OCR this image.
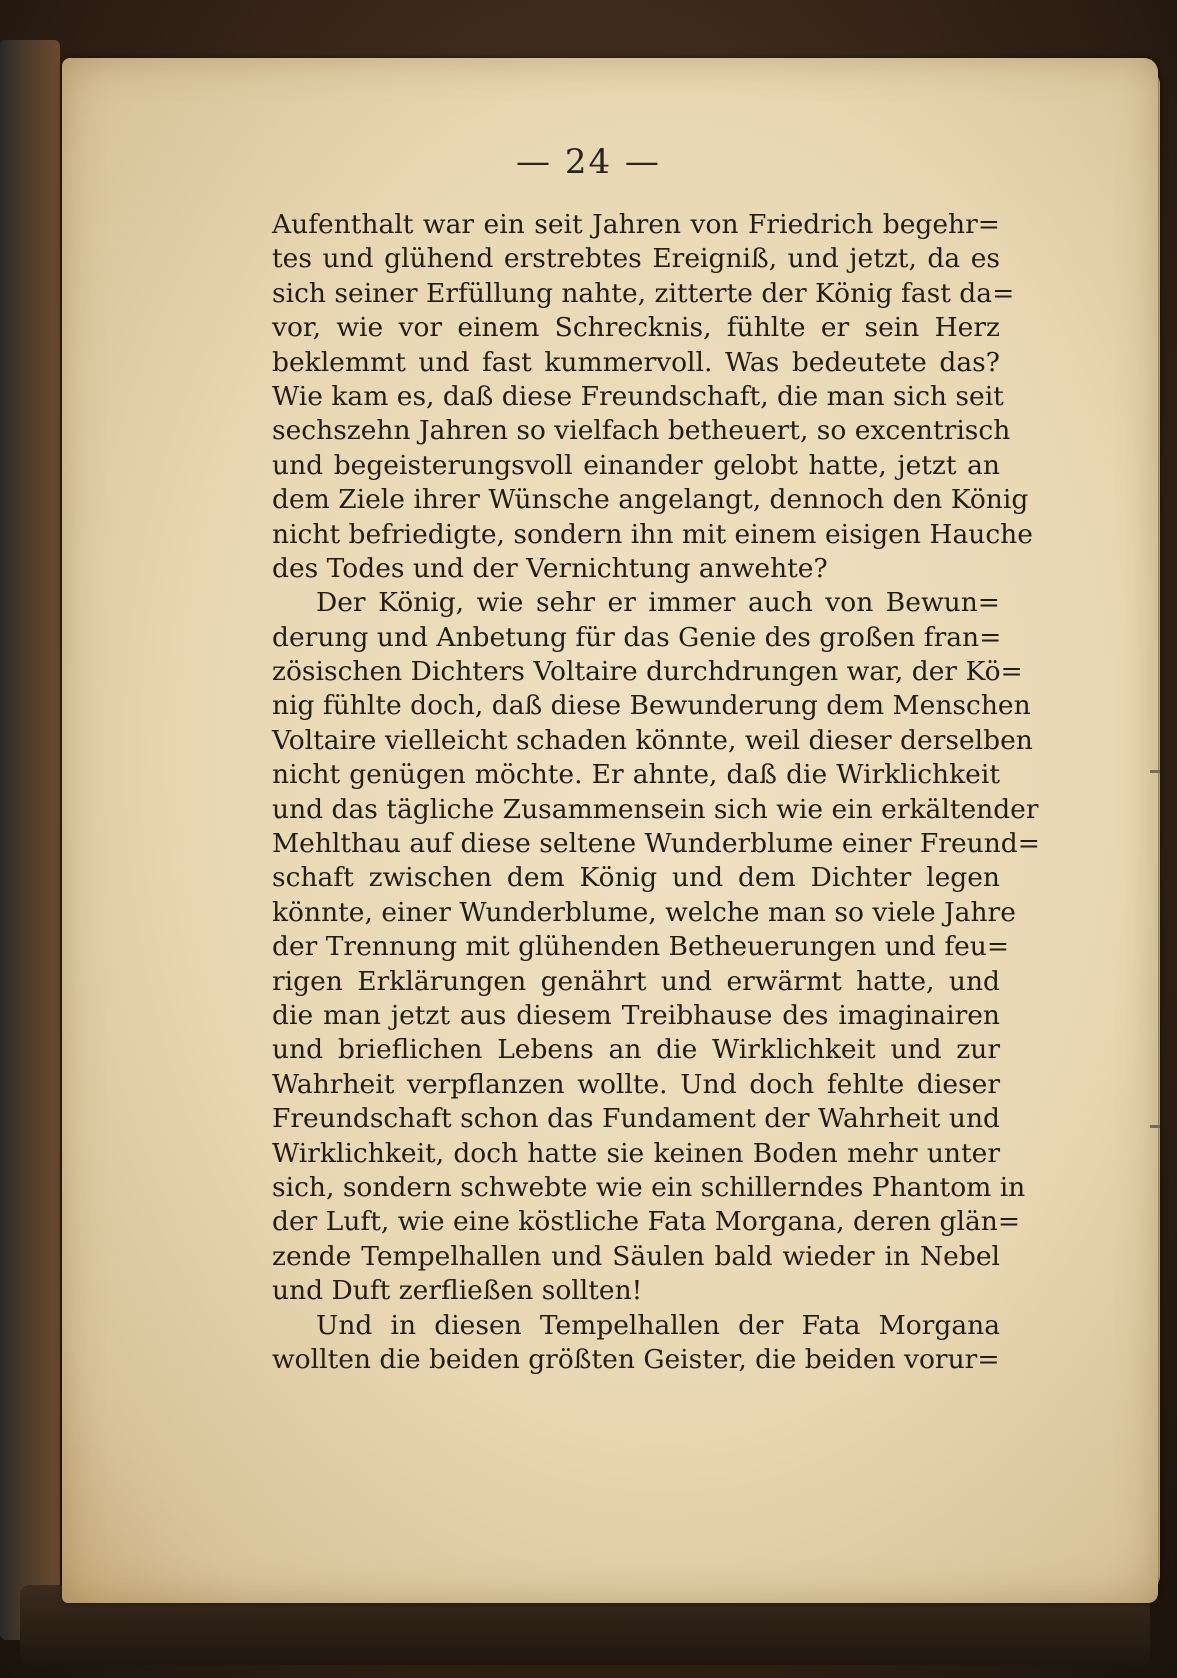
— 24 —
Aufenthalt war ein seit Jahren von Friedrich begehr=
tes und glühend erstrebtes Ereigniß, und jetzt, da es
sich seiner Erfüllung nahte, zitterte der König fast da=
vor, wie vor einem Schrecknis, fühlte er sein Herz
beklemmt und fast kummervoll. Was bedeutete das?
Wie kam es, daß diese Freundschaft, die man sich seit
sechszehn Jahren so vielfach betheuert, so excentrisch
und begeisterungsvoll einander gelobt hatte, jetzt an
dem Ziele ihrer Wünsche angelangt, dennoch den König
nicht befriedigte, sondern ihn mit einem eisigen Hauche
des Todes und der Vernichtung anwehte?
Der König, wie sehr er immer auch von Bewun=
derung und Anbetung für das Genie des großen fran=
zösischen Dichters Voltaire durchdrungen war, der Kö=
nig fühlte doch, daß diese Bewunderung dem Menschen
Voltaire vielleicht schaden könnte, weil dieser derselben
nicht genügen möchte. Er ahnte, daß die Wirklichkeit
und das tägliche Zusammensein sich wie ein erkältender
Mehlthau auf diese seltene Wunderblume einer Freund=
schaft zwischen dem König und dem Dichter legen
könnte, einer Wunderblume, welche man so viele Jahre
der Trennung mit glühenden Betheuerungen und feu=
rigen Erklärungen genährt und erwärmt hatte, und
die man jetzt aus diesem Treibhause des imaginairen
und brieflichen Lebens an die Wirklichkeit und zur
Wahrheit verpflanzen wollte. Und doch fehlte dieser
Freundschaft schon das Fundament der Wahrheit und
Wirklichkeit, doch hatte sie keinen Boden mehr unter
sich, sondern schwebte wie ein schillerndes Phantom in
der Luft, wie eine köstliche Fata Morgana, deren glän=
zende Tempelhallen und Säulen bald wieder in Nebel
und Duft zerfließen sollten!
Und in diesen Tempelhallen der Fata Morgana
wollten die beiden größten Geister, die beiden vorur=
